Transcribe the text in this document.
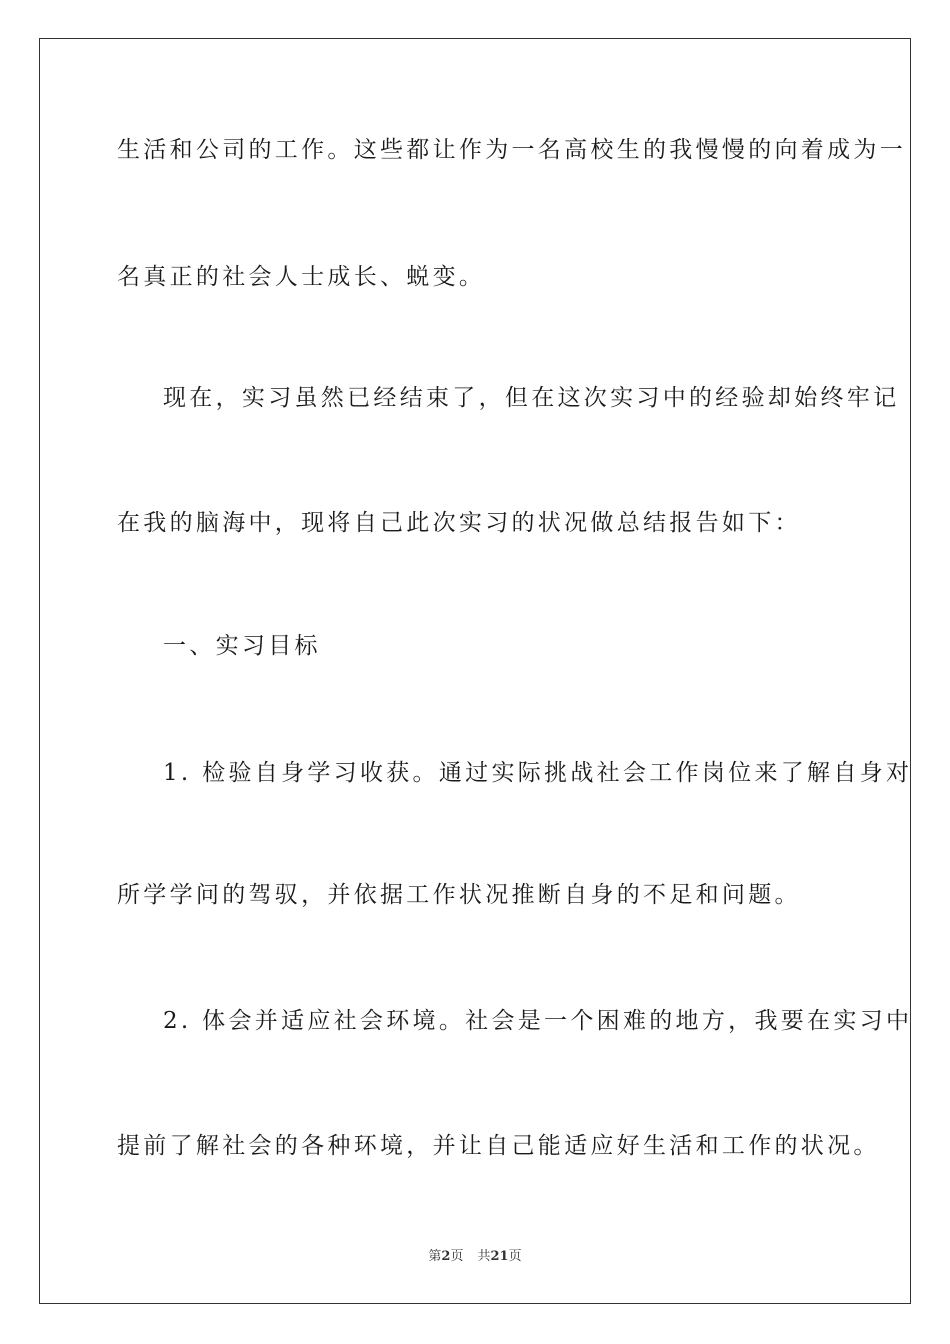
生活和公司的工作。这些都让作为一名高校生的我慢慢的向着成为一
名真正的社会人士成长、蜕变。
现在，实习虽然已经结束了，但在这次实习中的经验却始终牢记
在我的脑海中，现将自己此次实习的状况做总结报告如下：
一、实习目标
1. 检验自身学习收获。通过实际挑战社会工作岗位来了解自身对
所学学问的驾驭，并依据工作状况推断自身的不足和问题。
2. 体会并适应社会环境。社会是一个困难的地方，我要在实习中
提前了解社会的各种环境，并让自己能适应好生活和工作的状况。
第2页 共21页
